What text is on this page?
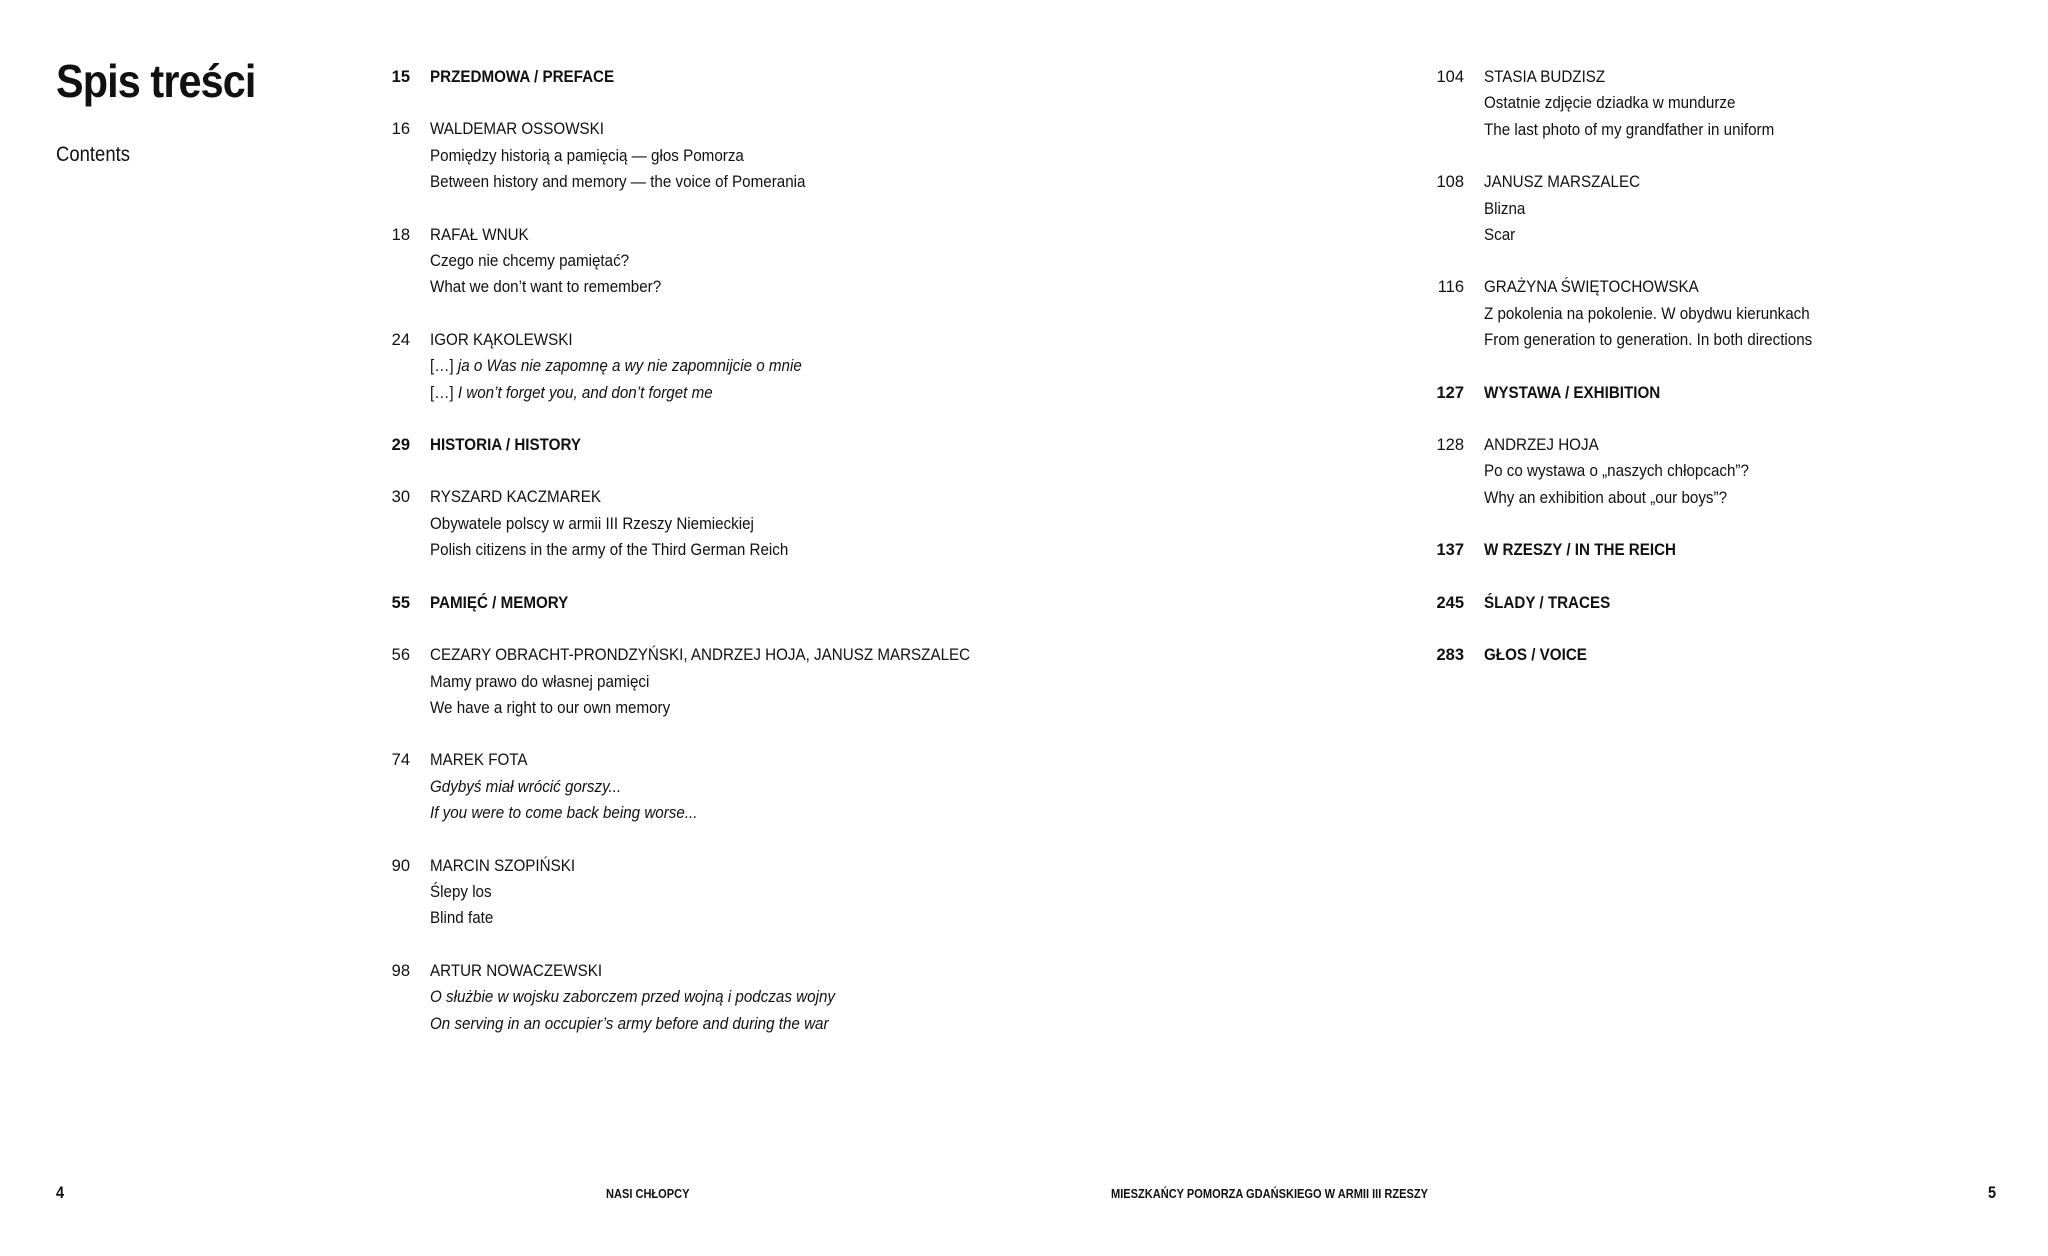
Spis treści
Contents
15 PRZEDMOWA / PREFACE
16 WALDEMAR OSSOWSKI
Pomiędzy historią a pamięcią — głos Pomorza
Between history and memory — the voice of Pomerania
18 RAFAŁ WNUK
Czego nie chcemy pamiętać?
What we don’t want to remember?
24 IGOR KĄKOLEWSKI
[…] ja o Was nie zapomnę a wy nie zapomnijcie o mnie
[…] I won’t forget you, and don’t forget me
29 HISTORIA / HISTORY
30 RYSZARD KACZMAREK
Obywatele polscy w armii III Rzeszy Niemieckiej
Polish citizens in the army of the Third German Reich
55 PAMIĘĆ / MEMORY
56 CEZARY OBRACHT-PRONDZYŃSKI, ANDRZEJ HOJA, JANUSZ MARSZALEC
Mamy prawo do własnej pamięci
We have a right to our own memory
74 MAREK FOTA
Gdybyś miał wrócić gorszy...
If you were to come back being worse...
90 MARCIN SZOPIŃSKI
Ślepy los
Blind fate
98 ARTUR NOWACZEWSKI
O służbie w wojsku zaborczem przed wojną i podczas wojny
On serving in an occupier’s army before and during the war
104 STASIA BUDZISZ
Ostatnie zdjęcie dziadka w mundurze
The last photo of my grandfather in uniform
108 JANUSZ MARSZALEC
Blizna
Scar
116 GRAŻYNA ŚWIĘTOCHOWSKA
Z pokolenia na pokolenie. W obydwu kierunkach
From generation to generation. In both directions
127 WYSTAWA / EXHIBITION
128 ANDRZEJ HOJA
Po co wystawa o „naszych chłopcach”?
Why an exhibition about „our boys”?
137 W RZESZY / IN THE REICH
245 ŚLADY / TRACES
283 GŁOS / VOICE
4	NASI CHŁOPCY	MIESZKAŃCY POMORZA GDAŃSKIEGO W ARMII III RZESZY	5
